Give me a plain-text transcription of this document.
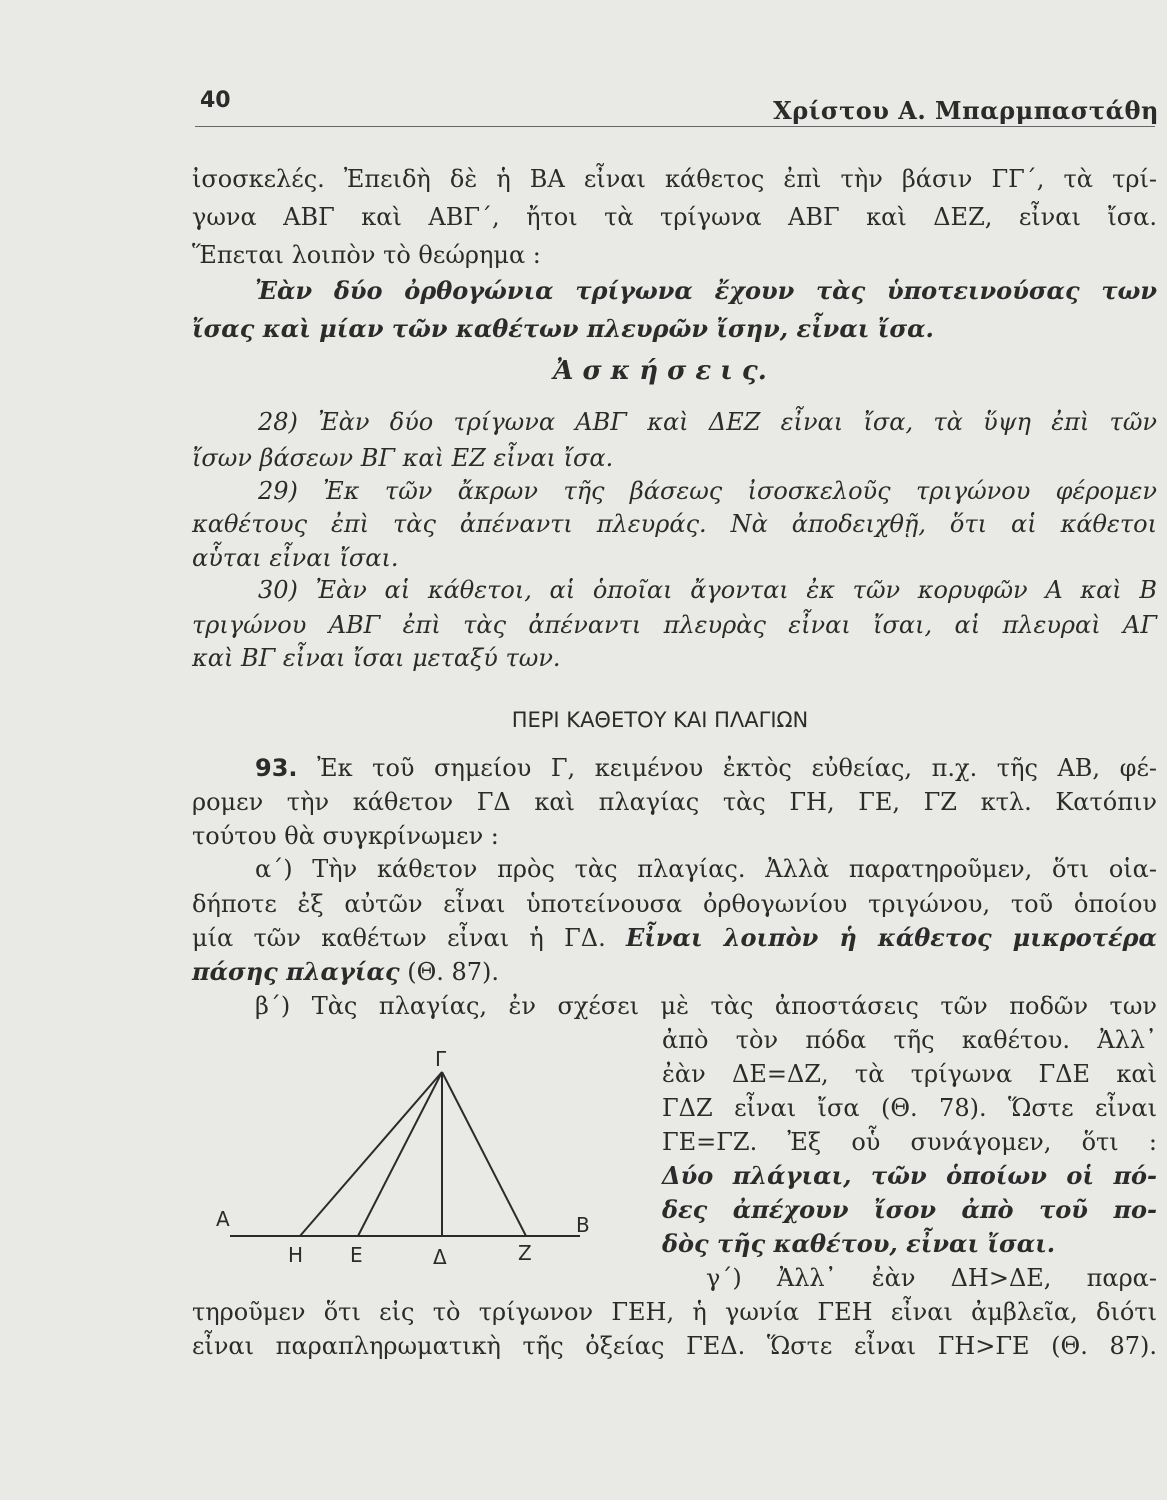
40	Χρίστου Α. Μπαρμπαστάθη
ἰσοσκελές. Ἐπειδὴ δὲ ἡ ΒΑ εἶναι κάθετος ἐπὶ τὴν βάσιν ΓΓ΄, τὰ τρί-
γωνα ΑΒΓ καὶ ΑΒΓ΄, ἤτοι τὰ τρίγωνα ΑΒΓ καὶ ΔΕΖ, εἶναι ἴσα.
Ἕπεται λοιπὸν τὸ θεώρημα :
Ἐὰν δύο ὀρθογώνια τρίγωνα ἔχουν τὰς ὑποτεινούσας των
ἴσας καὶ μίαν τῶν καθέτων πλευρῶν ἴσην, εἶναι ἴσα.
Ἀ σ κ ή σ ε ι ς.
28) Ἐὰν δύο τρίγωνα ΑΒΓ καὶ ΔΕΖ εἶναι ἴσα, τὰ ὕψη ἐπὶ τῶν
ἴσων βάσεων ΒΓ καὶ ΕΖ εἶναι ἴσα.
29) Ἐκ τῶν ἄκρων τῆς βάσεως ἰσοσκελοῦς τριγώνου φέρομεν
καθέτους ἐπὶ τὰς ἀπέναντι πλευράς. Νὰ ἀποδειχθῇ, ὅτι αἱ κάθετοι
αὗται εἶναι ἴσαι.
30) Ἐὰν αἱ κάθετοι, αἱ ὁποῖαι ἄγονται ἐκ τῶν κορυφῶν Α καὶ Β
τριγώνου ΑΒΓ ἐπὶ τὰς ἀπέναντι πλευρὰς εἶναι ἴσαι, αἱ πλευραὶ ΑΓ
καὶ ΒΓ εἶναι ἴσαι μεταξύ των.
ΠΕΡΙ ΚΑΘΕΤΟΥ ΚΑΙ ΠΛΑΓΙΩΝ
93. Ἐκ τοῦ σημείου Γ, κειμένου ἐκτὸς εὐθείας, π.χ. τῆς ΑΒ, φέ-
ρομεν τὴν κάθετον ΓΔ καὶ πλαγίας τὰς ΓΗ, ΓΕ, ΓΖ κτλ. Κατόπιν
τούτου θὰ συγκρίνωμεν :
α΄) Τὴν κάθετον πρὸς τὰς πλαγίας. Ἀλλὰ παρατηροῦμεν, ὅτι οἱα-
δήποτε ἐξ αὐτῶν εἶναι ὑποτείνουσα ὀρθογωνίου τριγώνου, τοῦ ὁποίου
μία τῶν καθέτων εἶναι ἡ ΓΔ. Εἶναι λοιπὸν ἡ κάθετος μικροτέρα
πάσης πλαγίας (Θ. 87).
β΄) Τὰς πλαγίας, ἐν σχέσει μὲ τὰς ἀποστάσεις τῶν ποδῶν των
ἀπὸ τὸν πόδα τῆς καθέτου. Ἀλλ᾽
ἐὰν ΔΕ=ΔΖ, τὰ τρίγωνα ΓΔΕ καὶ
ΓΔΖ εἶναι ἴσα (Θ. 78). Ὥστε εἶναι
ΓΕ=ΓΖ. Ἐξ οὗ συνάγομεν, ὅτι :
Δύο πλάγιαι, τῶν ὁποίων οἱ πό-
δες ἀπέχουν ἴσον ἀπὸ τοῦ πο-
δὸς τῆς καθέτου, εἶναι ἴσαι.
γ΄) Ἀλλ᾽ ἐὰν ΔΗ>ΔΕ, παρα-
τηροῦμεν ὅτι εἰς τὸ τρίγωνον ΓΕΗ, ἡ γωνία ΓΕΗ εἶναι ἀμβλεῖα, διότι
εἶναι παραπληρωματικὴ τῆς ὀξείας ΓΕΔ. Ὥστε εἶναι ΓΗ>ΓΕ (Θ. 87).
Γ
Α	Β
Η Ε	Δ	Ζ
